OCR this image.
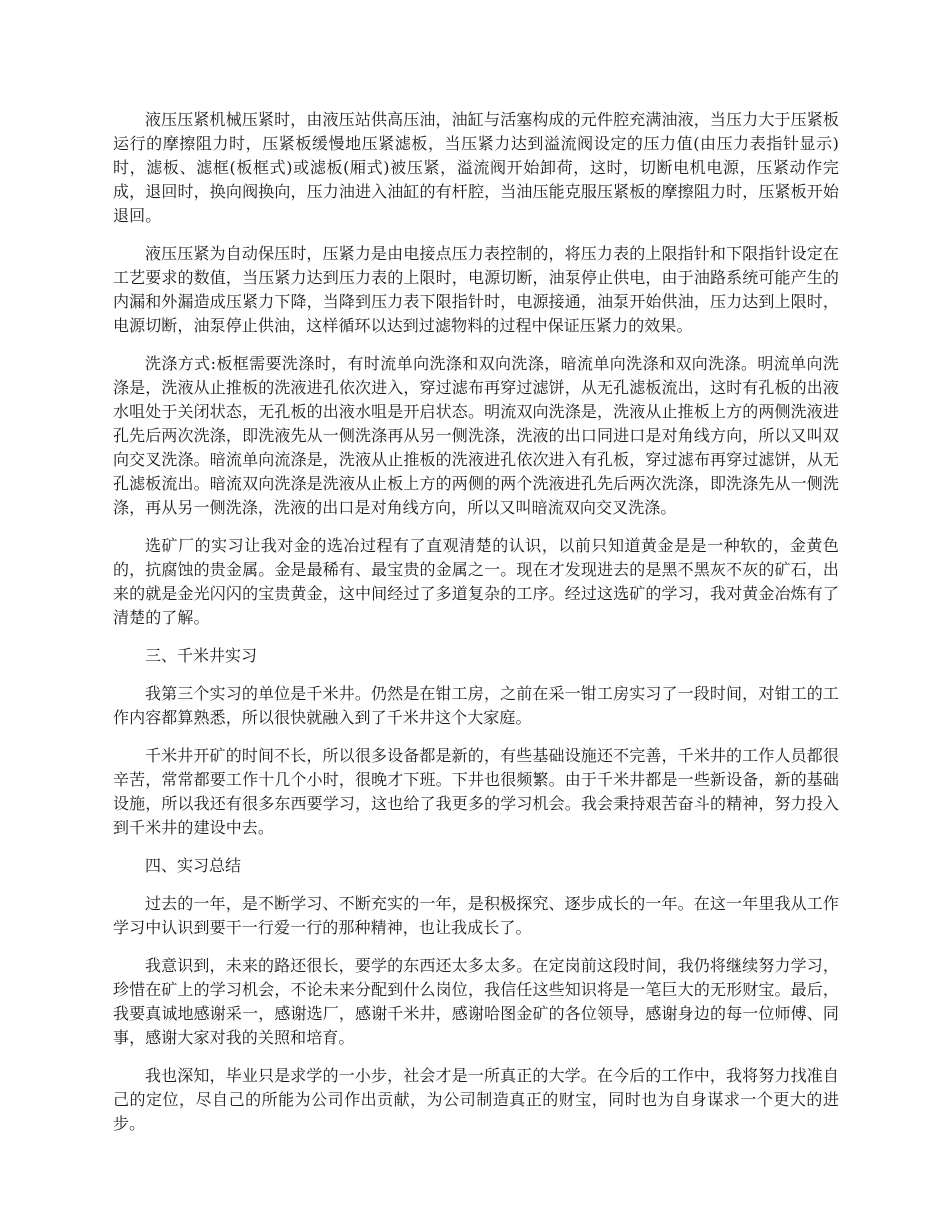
液压压紧机械压紧时，由液压站供高压油，油缸与活塞构成的元件腔充满油液，当压力大于压紧板运行的摩擦阻力时，压紧板缓慢地压紧滤板，当压紧力达到溢流阀设定的压力值(由压力表指针显示)时，滤板、滤框(板框式)或滤板(厢式)被压紧，溢流阀开始卸荷，这时，切断电机电源，压紧动作完成，退回时，换向阀换向，压力油进入油缸的有杆腔，当油压能克服压紧板的摩擦阻力时，压紧板开始退回。

液压压紧为自动保压时，压紧力是由电接点压力表控制的，将压力表的上限指针和下限指针设定在工艺要求的数值，当压紧力达到压力表的上限时，电源切断，油泵停止供电，由于油路系统可能产生的内漏和外漏造成压紧力下降，当降到压力表下限指针时，电源接通，油泵开始供油，压力达到上限时，电源切断，油泵停止供油，这样循环以达到过滤物料的过程中保证压紧力的效果。

洗涤方式:板框需要洗涤时，有时流单向洗涤和双向洗涤，暗流单向洗涤和双向洗涤。明流单向洗涤是，洗液从止推板的洗液进孔依次进入，穿过滤布再穿过滤饼，从无孔滤板流出，这时有孔板的出液水咀处于关闭状态，无孔板的出液水咀是开启状态。明流双向洗涤是，洗液从止推板上方的两侧洗液进孔先后两次洗涤，即洗液先从一侧洗涤再从另一侧洗涤，洗液的出口同进口是对角线方向，所以又叫双向交叉洗涤。暗流单向流涤是，洗液从止推板的洗液进孔依次进入有孔板，穿过滤布再穿过滤饼，从无孔滤板流出。暗流双向洗涤是洗液从止板上方的两侧的两个洗液进孔先后两次洗涤，即洗涤先从一侧洗涤，再从另一侧洗涤，洗液的出口是对角线方向，所以又叫暗流双向交叉洗涤。

选矿厂的实习让我对金的选冶过程有了直观清楚的认识，以前只知道黄金是是一种软的，金黄色的，抗腐蚀的贵金属。金是最稀有、最宝贵的金属之一。现在才发现进去的是黑不黑灰不灰的矿石，出来的就是金光闪闪的宝贵黄金，这中间经过了多道复杂的工序。经过这选矿的学习，我对黄金冶炼有了清楚的了解。

三、千米井实习

我第三个实习的单位是千米井。仍然是在钳工房，之前在采一钳工房实习了一段时间，对钳工的工作内容都算熟悉，所以很快就融入到了千米井这个大家庭。

千米井开矿的时间不长，所以很多设备都是新的，有些基础设施还不完善，千米井的工作人员都很辛苦，常常都要工作十几个小时，很晚才下班。下井也很频繁。由于千米井都是一些新设备，新的基础设施，所以我还有很多东西要学习，这也给了我更多的学习机会。我会秉持艰苦奋斗的精神，努力投入到千米井的建设中去。

四、实习总结

过去的一年，是不断学习、不断充实的一年，是积极探究、逐步成长的一年。在这一年里我从工作学习中认识到要干一行爱一行的那种精神，也让我成长了。

我意识到，未来的路还很长，要学的东西还太多太多。在定岗前这段时间，我仍将继续努力学习，珍惜在矿上的学习机会，不论未来分配到什么岗位，我信任这些知识将是一笔巨大的无形财宝。最后，我要真诚地感谢采一，感谢选厂，感谢千米井，感谢哈图金矿的各位领导，感谢身边的每一位师傅、同事，感谢大家对我的关照和培育。

我也深知，毕业只是求学的一小步，社会才是一所真正的大学。在今后的工作中，我将努力找准自己的定位，尽自己的所能为公司作出贡献，为公司制造真正的财宝，同时也为自身谋求一个更大的进步。
